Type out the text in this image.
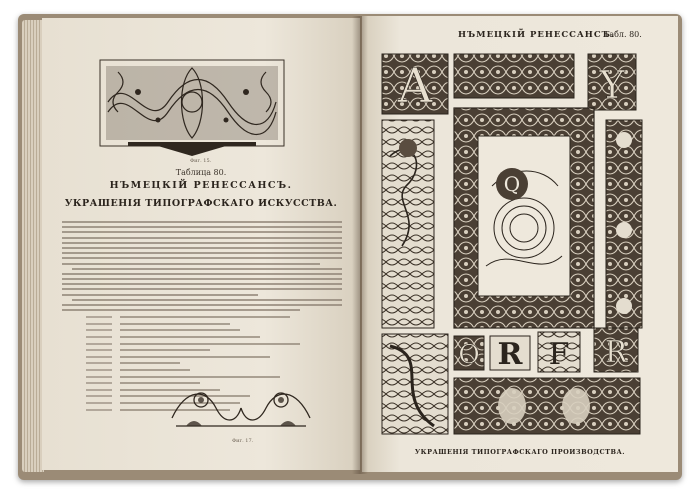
Фиг. 15.
Таблица 80.
НЪМЕЦКІЙ РЕНЕССАНСЪ.
УКРАШЕНІЯ ТИПОГРАФСКАГО ИСКУССТВА.
Фиг. 17.
НЪМЕЦКІЙ РЕНЕССАНСЪ.
Табл. 80.
A	Y
Q
O R F R
УКРАШЕНІЯ ТИПОГРАФСКАГО ПРОИЗВОДСТВА.
